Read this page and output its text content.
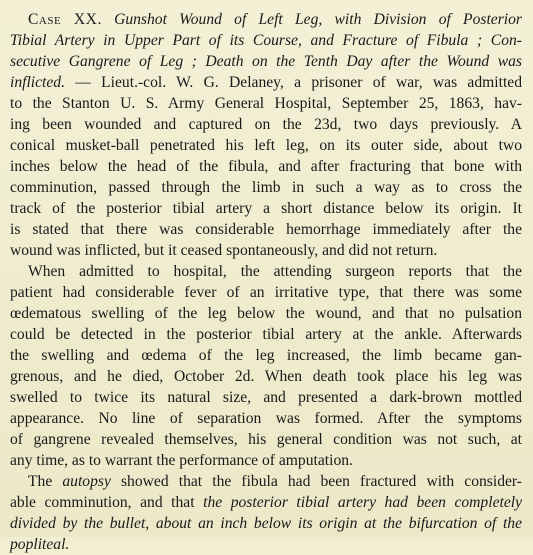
Case XX. Gunshot Wound of Left Leg, with Division of Posterior
Tibial Artery in Upper Part of its Course, and Fracture of Fibula ; Con-
secutive Gangrene of Leg ; Death on the Tenth Day after the Wound was
inflicted. — Lieut.-col. W. G. Delaney, a prisoner of war, was admitted
to the Stanton U. S. Army General Hospital, September 25, 1863, hav-
ing been wounded and captured on the 23d, two days previously. A
conical musket-ball penetrated his left leg, on its outer side, about two
inches below the head of the fibula, and after fracturing that bone with
comminution, passed through the limb in such a way as to cross the
track of the posterior tibial artery a short distance below its origin. It
is stated that there was considerable hemorrhage immediately after the
wound was inflicted, but it ceased spontaneously, and did not return.
When admitted to hospital, the attending surgeon reports that the
patient had considerable fever of an irritative type, that there was some
œdematous swelling of the leg below the wound, and that no pulsation
could be detected in the posterior tibial artery at the ankle. Afterwards
the swelling and œdema of the leg increased, the limb became gan-
grenous, and he died, October 2d. When death took place his leg was
swelled to twice its natural size, and presented a dark-brown mottled
appearance. No line of separation was formed. After the symptoms
of gangrene revealed themselves, his general condition was not such, at
any time, as to warrant the performance of amputation.
The autopsy showed that the fibula had been fractured with consider-
able comminution, and that the posterior tibial artery had been completely
divided by the bullet, about an inch below its origin at the bifurcation of the
popliteal.
